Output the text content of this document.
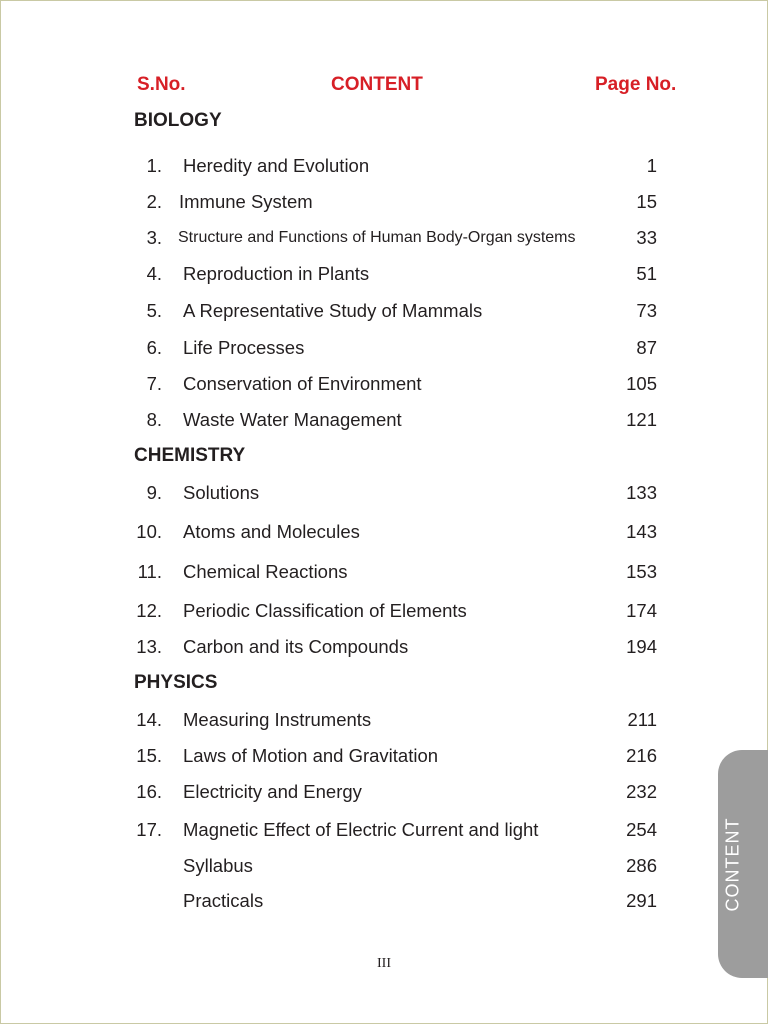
S.No.	CONTENT	Page No.
BIOLOGY
CHEMISTRY
PHYSICS
1. Heredity and Evolution	1
2. Immune System	15
3. Structure and Functions of Human Body-Organ systems	33
4. Reproduction in Plants	51
5. A Representative Study of Mammals	73
6. Life Processes	87
7. Conservation of Environment	105
8. Waste Water Management	121
9. Solutions	133
10. Atoms and Molecules	143
11. Chemical Reactions	153
12. Periodic Classification of Elements	174
13. Carbon and its Compounds	194
14. Measuring Instruments	211
15. Laws of Motion and Gravitation	216
16. Electricity and Energy	232
17. Magnetic Effect of Electric Current and light	254
Syllabus	286
Practicals	291
III
CONTENT
